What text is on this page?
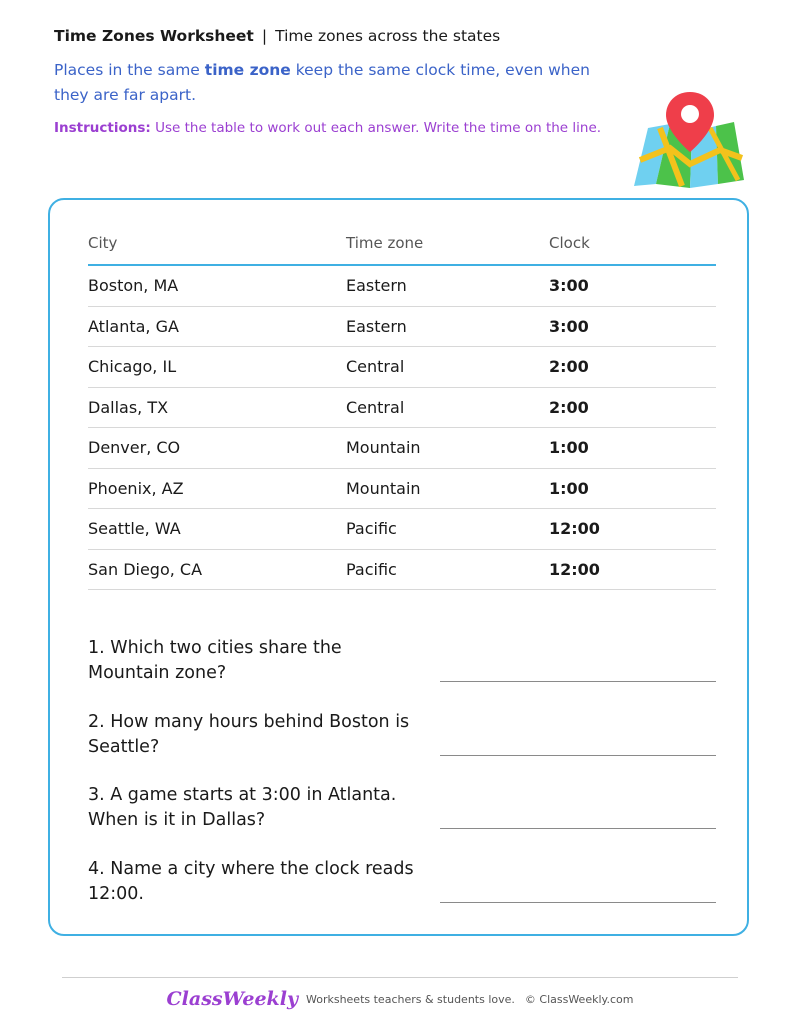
Time Zones Worksheet | Time zones across the states
Places in the same time zone keep the same clock time, even when they are far apart.
Instructions: Use the table to work out each answer. Write the time on the line.
City	Time zone	Clock
Boston, MA	Eastern	3:00
Atlanta, GA	Eastern	3:00
Chicago, IL	Central	2:00
Dallas, TX	Central	2:00
Denver, CO	Mountain	1:00
Phoenix, AZ	Mountain	1:00
Seattle, WA	Pacific	12:00
San Diego, CA	Pacific	12:00
1. Which two cities share the Mountain zone?
2. How many hours behind Boston is Seattle?
3. A game starts at 3:00 in Atlanta. When is it in Dallas?
4. Name a city where the clock reads 12:00.
ClassWeekly Worksheets teachers & students love. © ClassWeekly.com
